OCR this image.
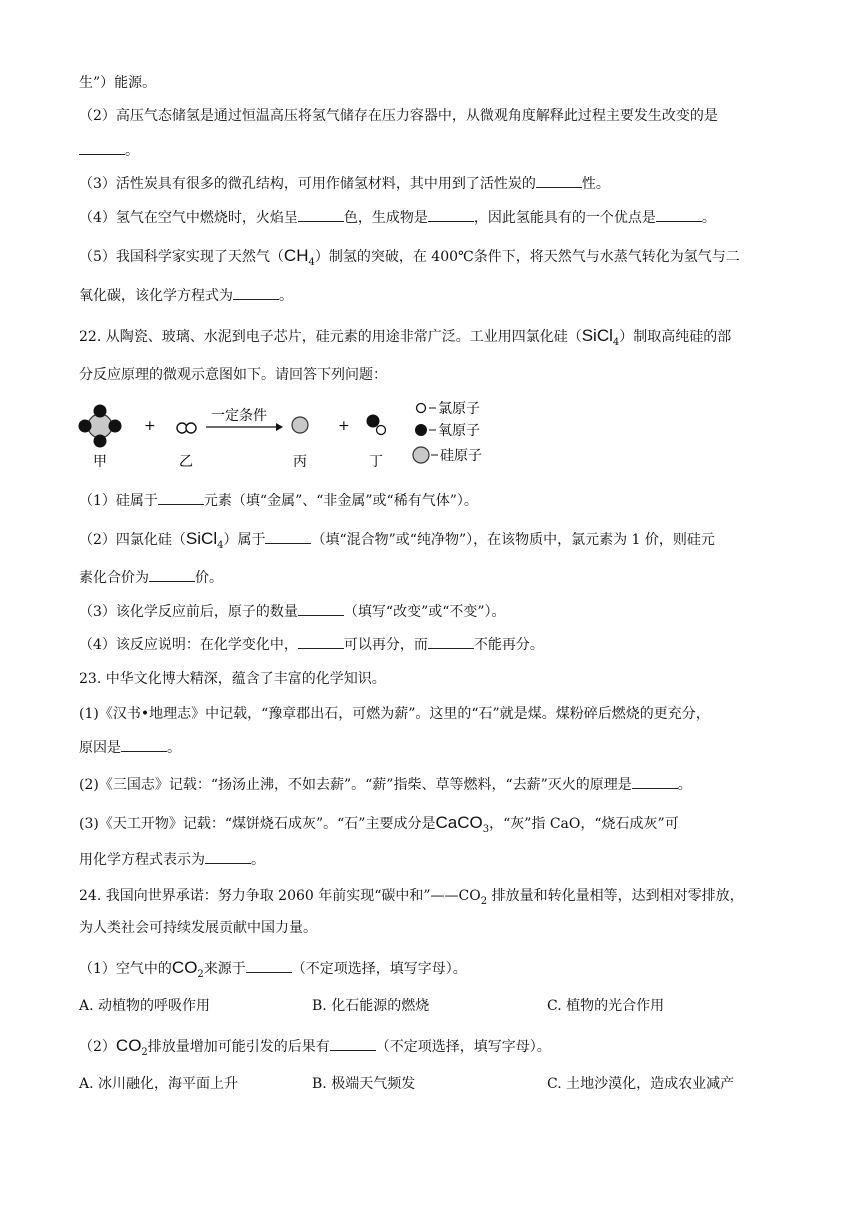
生”）能源。
（2）高压气态储氢是通过恒温高压将氢气储存在压力容器中，从微观角度解释此过程主要发生改变的是
。
（3）活性炭具有很多的微孔结构，可用作储氢材料，其中用到了活性炭的	性。
（4）氢气在空气中燃烧时，火焰呈	色，生成物是	，因此氢能具有的一个优点是	。
（5）我国科学家实现了天然气$(CH_4)$制氢的突破，在 400℃条件下，将天然气与水蒸气转化为氢气与二
氧化碳，该化学方程式为	。
22. 从陶瓷、玻璃、水泥到电子芯片，硅元素的用途非常广泛。工业用四氯化硅（SiCl$_4$）制取高纯硅的部
分反应原理的微观示意图如下。请回答下列问题：
+
一定条件
+
甲	乙	丙	丁
氯原子
氧原子
硅原子
（1）硅属于	元素（填“金属”、“非金属”或“稀有气体”）。
（2）四氯化硅（SiCl$_4$）属于	（填“混合物”或“纯净物”），在该物质中，氯元素为 1 价，则硅元
素化合价为	价。
（3）该化学反应前后，原子的数量	（填写“改变”或“不变”）。
（4）该反应说明：在化学变化中，	可以再分，而	不能再分。
23. 中华文化博大精深，蕴含了丰富的化学知识。
(1)《汉书•地理志》中记载，“豫章郡出石，可燃为薪”。这里的“石”就是煤。煤粉碎后燃烧的更充分，
原因是	。
(2)《三国志》记载：“扬汤止沸，不如去薪”。“薪”指柴、草等燃料，“去薪”灭火的原理是	。
(3)《天工开物》记载：“煤饼烧石成灰”。“石”主要成分是CaCO$_3$，“灰”指 CaO，“烧石成灰”可
用化学方程式表示为	。
24. 我国向世界承诺：努力争取 2060 年前实现“碳中和$”——CO_2$ 排放量和转化量相等，达到相对零排放，
为人类社会可持续发展贡献中国力量。
（1）空气中的$CO_2$来源于	（不定项选择，填写字母）。
A. 动植物的呼吸作用	B. 化石能源的燃烧	C. 植物的光合作用
$(2)CO_2$排放量增加可能引发的后果有	（不定项选择，填写字母）。
A. 冰川融化，海平面上升	B. 极端天气频发	C. 土地沙漠化，造成农业减产
